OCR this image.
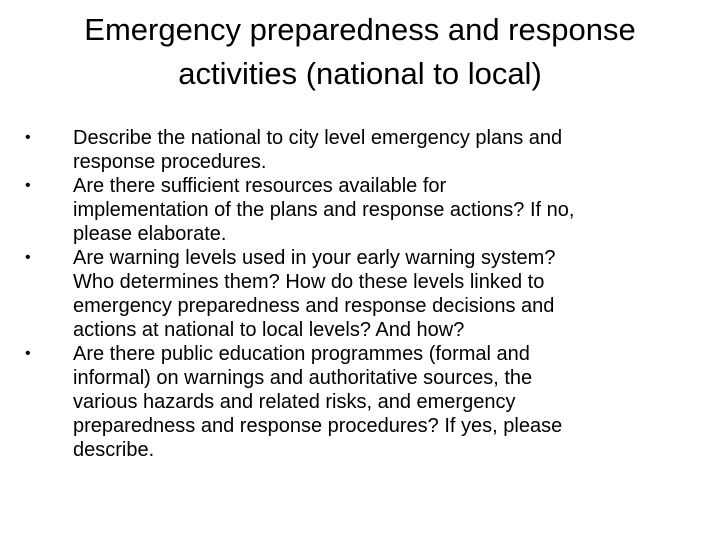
Emergency preparedness and response
activities (national to local)
• Describe the national to city level emergency plans and
response procedures.
• Are there sufficient resources available for
implementation of the plans and response actions? If no,
please elaborate.
• Are warning levels used in your early warning system?
Who determines them? How do these levels linked to
emergency preparedness and response decisions and
actions at national to local levels? And how?
• Are there public education programmes (formal and
informal) on warnings and authoritative sources, the
various hazards and related risks, and emergency
preparedness and response procedures? If yes, please
describe.
